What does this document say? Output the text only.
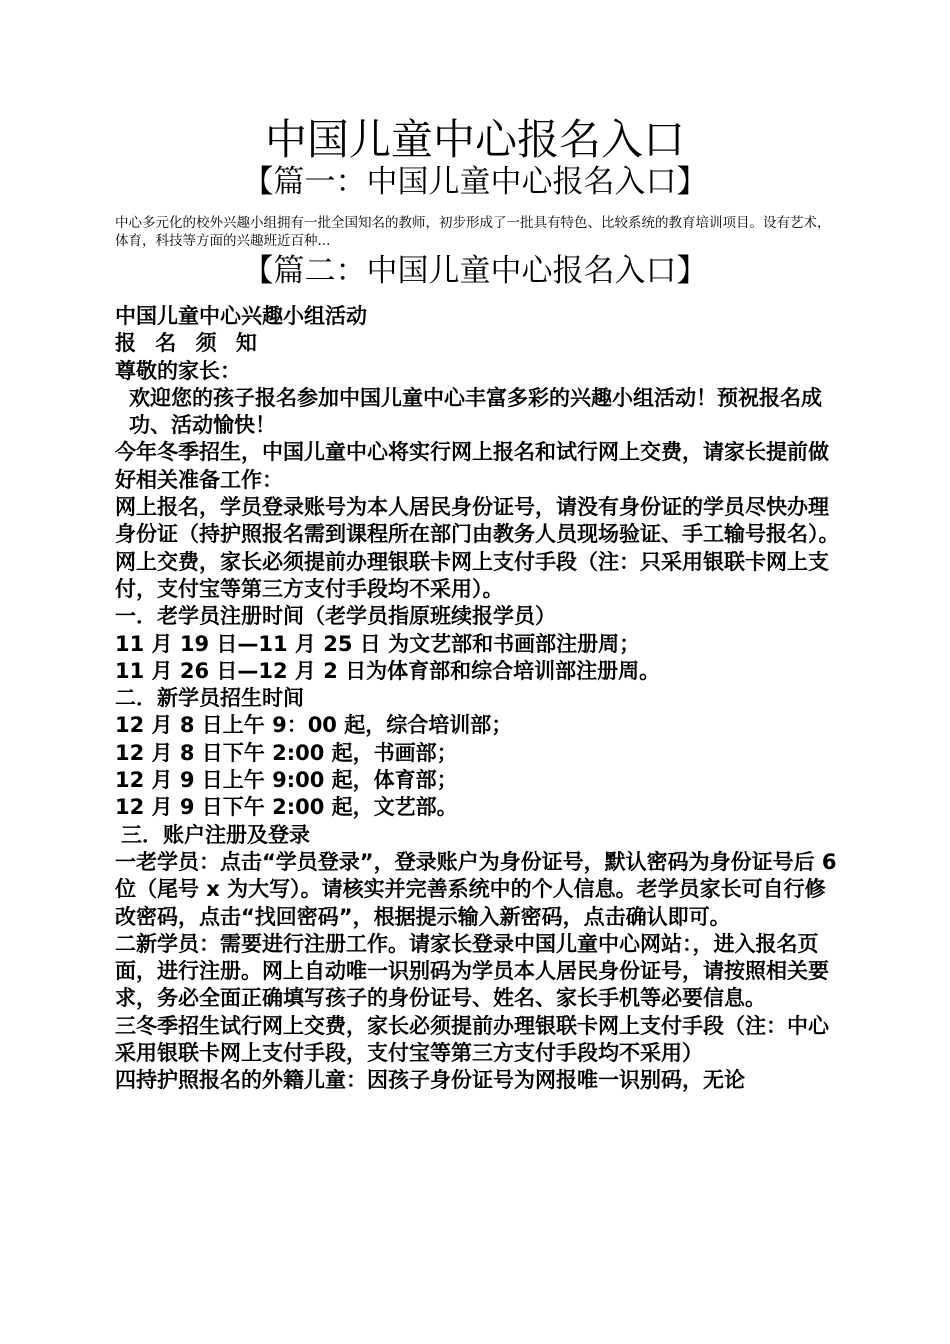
中国儿童中心报名入口
【篇一：中国儿童中心报名入口】

中心多元化的校外兴趣小组拥有一批全国知名的教师，初步形成了一批具有特色、比较系统的教育培训项目。设有艺术，体育，科技等方面的兴趣班近百种...

【篇二：中国儿童中心报名入口】

中国儿童中心兴趣小组活动

报 名 须 知

尊敬的家长：

欢迎您的孩子报名参加中国儿童中心丰富多彩的兴趣小组活动！预祝报名成功、活动愉快！

今年冬季招生，中国儿童中心将实行网上报名和试行网上交费，请家长提前做好相关准备工作：

网上报名，学员登录账号为本人居民身份证号，请没有身份证的学员尽快办理身份证（持护照报名需到课程所在部门由教务人员现场验证、手工输号报名）。

网上交费，家长必须提前办理银联卡网上支付手段（注：只采用银联卡网上支付，支付宝等第三方支付手段均不采用）。

一．老学员注册时间（老学员指原班续报学员）

11 月 19 日—11 月 25 日 为文艺部和书画部注册周；

11 月 26 日—12 月 2 日为体育部和综合培训部注册周。

二．新学员招生时间

12 月 8 日上午 9：00 起，综合培训部；

12 月 8 日下午 2:00 起，书画部；

12 月 9 日上午 9:00 起，体育部；

12 月 9 日下午 2:00 起，文艺部。

三．账户注册及登录

一老学员：点击“学员登录”，登录账户为身份证号，默认密码为身份证号后 6 位（尾号 x 为大写）。请核实并完善系统中的个人信息。老学员家长可自行修改密码，点击“找回密码”，根据提示输入新密码，点击确认即可。

二新学员：需要进行注册工作。请家长登录中国儿童中心网站：，进入报名页面，进行注册。网上自动唯一识别码为学员本人居民身份证号，请按照相关要求，务必全面正确填写孩子的身份证号、姓名、家长手机等必要信息。

三冬季招生试行网上交费，家长必须提前办理银联卡网上支付手段（注：中心采用银联卡网上支付手段，支付宝等第三方支付手段均不采用）

四持护照报名的外籍儿童：因孩子身份证号为网报唯一识别码，无论
